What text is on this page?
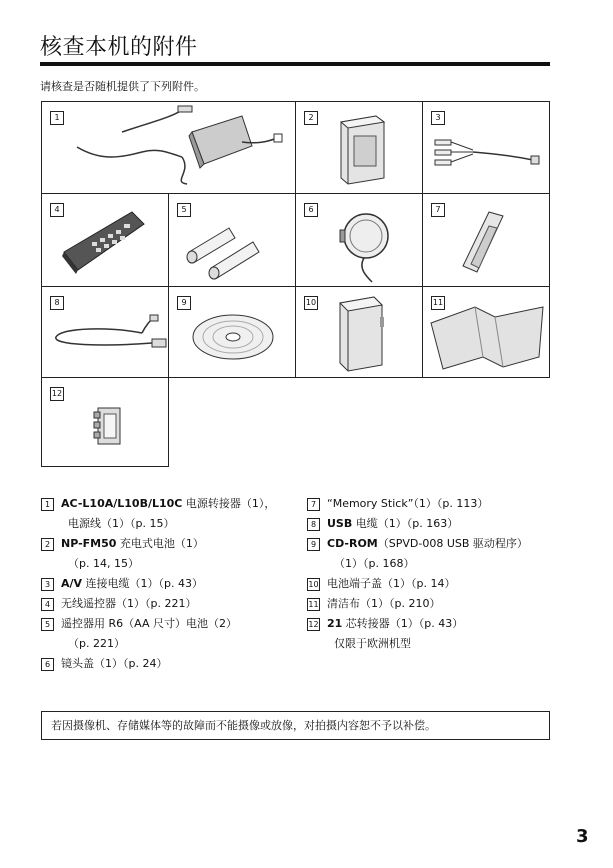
核查本机的附件
请核查是否随机提供了下列附件。
1	2	3
4	5	6	7
8	9	10	11
12
1 AC-L10A/L10B/L10C 电源转接器（1），
电源线（1）（p. 15）
2 NP-FM50 充电式电池（1）
（p. 14, 15）
3 A/V 连接电缆（1）（p. 43）
4 无线遥控器（1）（p. 221）
5 遥控器用 R6（AA 尺寸）电池（2）
（p. 221）
6 镜头盖（1）（p. 24）
7 “Memory Stick”（1）（p. 113）
8 USB 电缆（1）（p. 163）
9 CD-ROM（SPVD-008 USB 驱动程序）
（1）（p. 168）
10 电池端子盖（1）（p. 14）
11 清洁布（1）（p. 210）
12 21 芯转接器（1）（p. 43）
仅限于欧洲机型
若因摄像机、存储媒体等的故障而不能摄像或放像，对拍摄内容恕不予以补偿。
3
